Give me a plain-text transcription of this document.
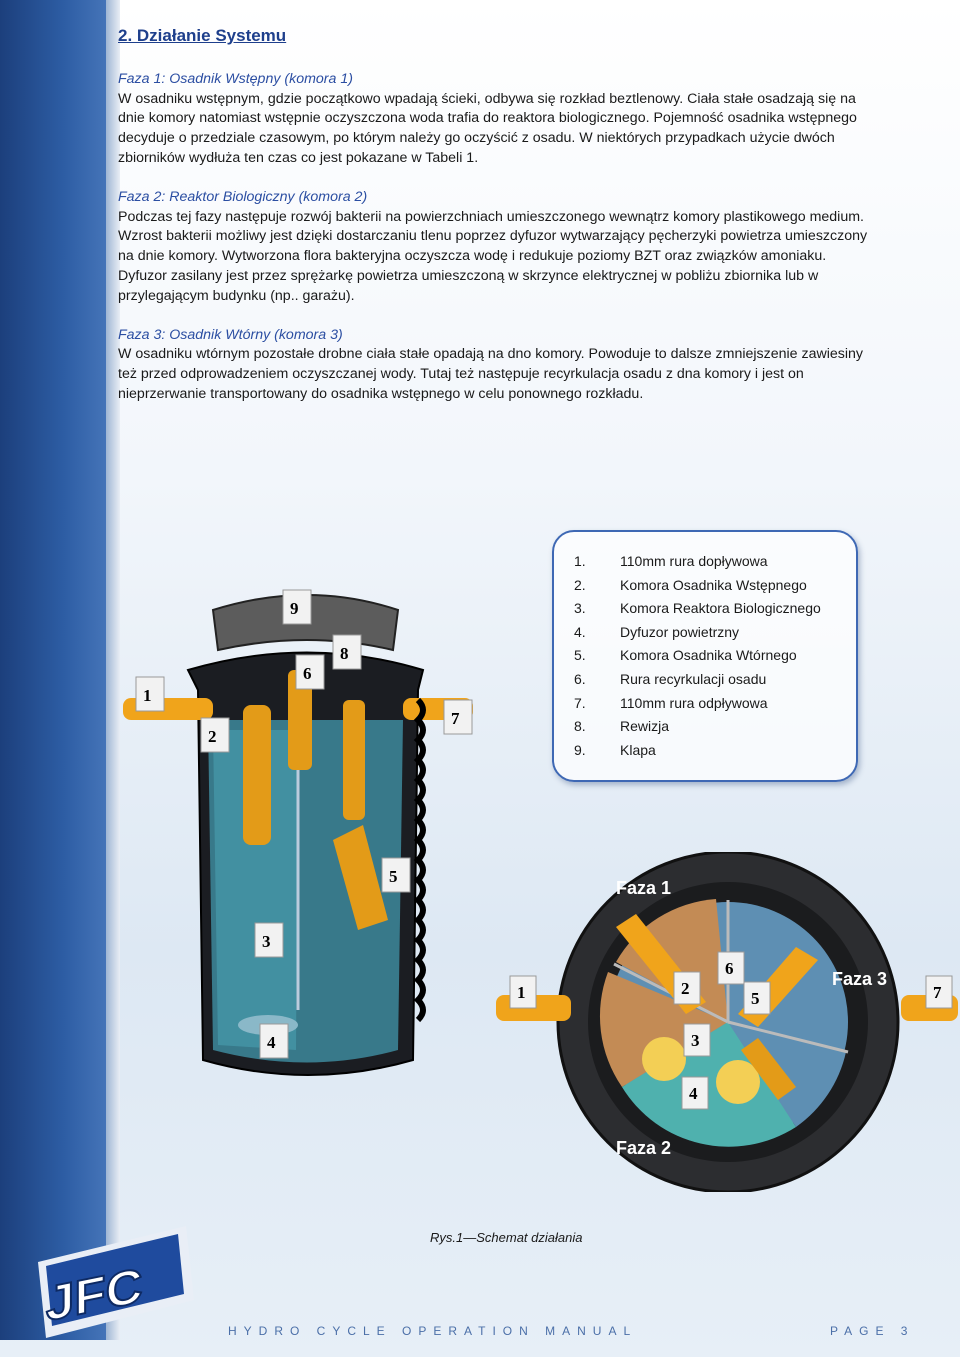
JFC
2. Działanie Systemu
Faza 1: Osadnik Wstępny (komora 1)
W osadniku wstępnym, gdzie początkowo wpadają ścieki, odbywa się rozkład beztlenowy. Ciała stałe osadzają się na dnie komory natomiast wstępnie oczyszczona woda trafia do reaktora biologicznego. Pojemność osadnika wstępnego decyduje o przedziale czasowym, po którym należy go oczyścić z osadu. W niektórych przypadkach użycie dwóch zbiorników wydłuża ten czas co jest pokazane w Tabeli 1.
Faza 2: Reaktor Biologiczny (komora 2)
Podczas tej fazy następuje rozwój bakterii na powierzchniach umieszczonego wewnątrz komory plastikowego medium. Wzrost bakterii możliwy jest dzięki dostarczaniu tlenu poprzez dyfuzor wytwarzający pęcherzyki powietrza umieszczony na dnie komory. Wytworzona flora bakteryjna oczyszcza wodę i redukuje poziomy BZT oraz związków amoniaku. Dyfuzor zasilany jest przez sprężarkę powietrza umieszczoną w skrzynce elektrycznej w pobliżu zbiornika lub w przylegającym budynku (np.. garażu).
Faza 3: Osadnik Wtórny (komora 3)
W osadniku wtórnym pozostałe drobne ciała stałe opadają na dno komory. Powoduje to dalsze zmniejszenie zawiesiny też przed odprowadzeniem oczyszczanej wody. Tutaj też następuje recyrkulacja osadu z dna komory i jest on nieprzerwanie transportowany do osadnika wstępnego w celu ponownego rozkładu.
1.	110mm rura dopływowa
2.	Komora Osadnika Wstępnego
3.	Komora Reaktora Biologicznego
4.	Dyfuzor powietrzny
5.	Komora Osadnika Wtórnego
6.	Rura recyrkulacji osadu
7.	110mm rura odpływowa
8.	Rewizja
9.	Klapa
9
8
6
1
2
7
5
3
4
Faza 1
Faza 2
Faza 3
1	2
6
5
3
4
7
Rys.1—Schemat działania
HYDRO CYCLE OPERATION MANUAL	PAGE 3
